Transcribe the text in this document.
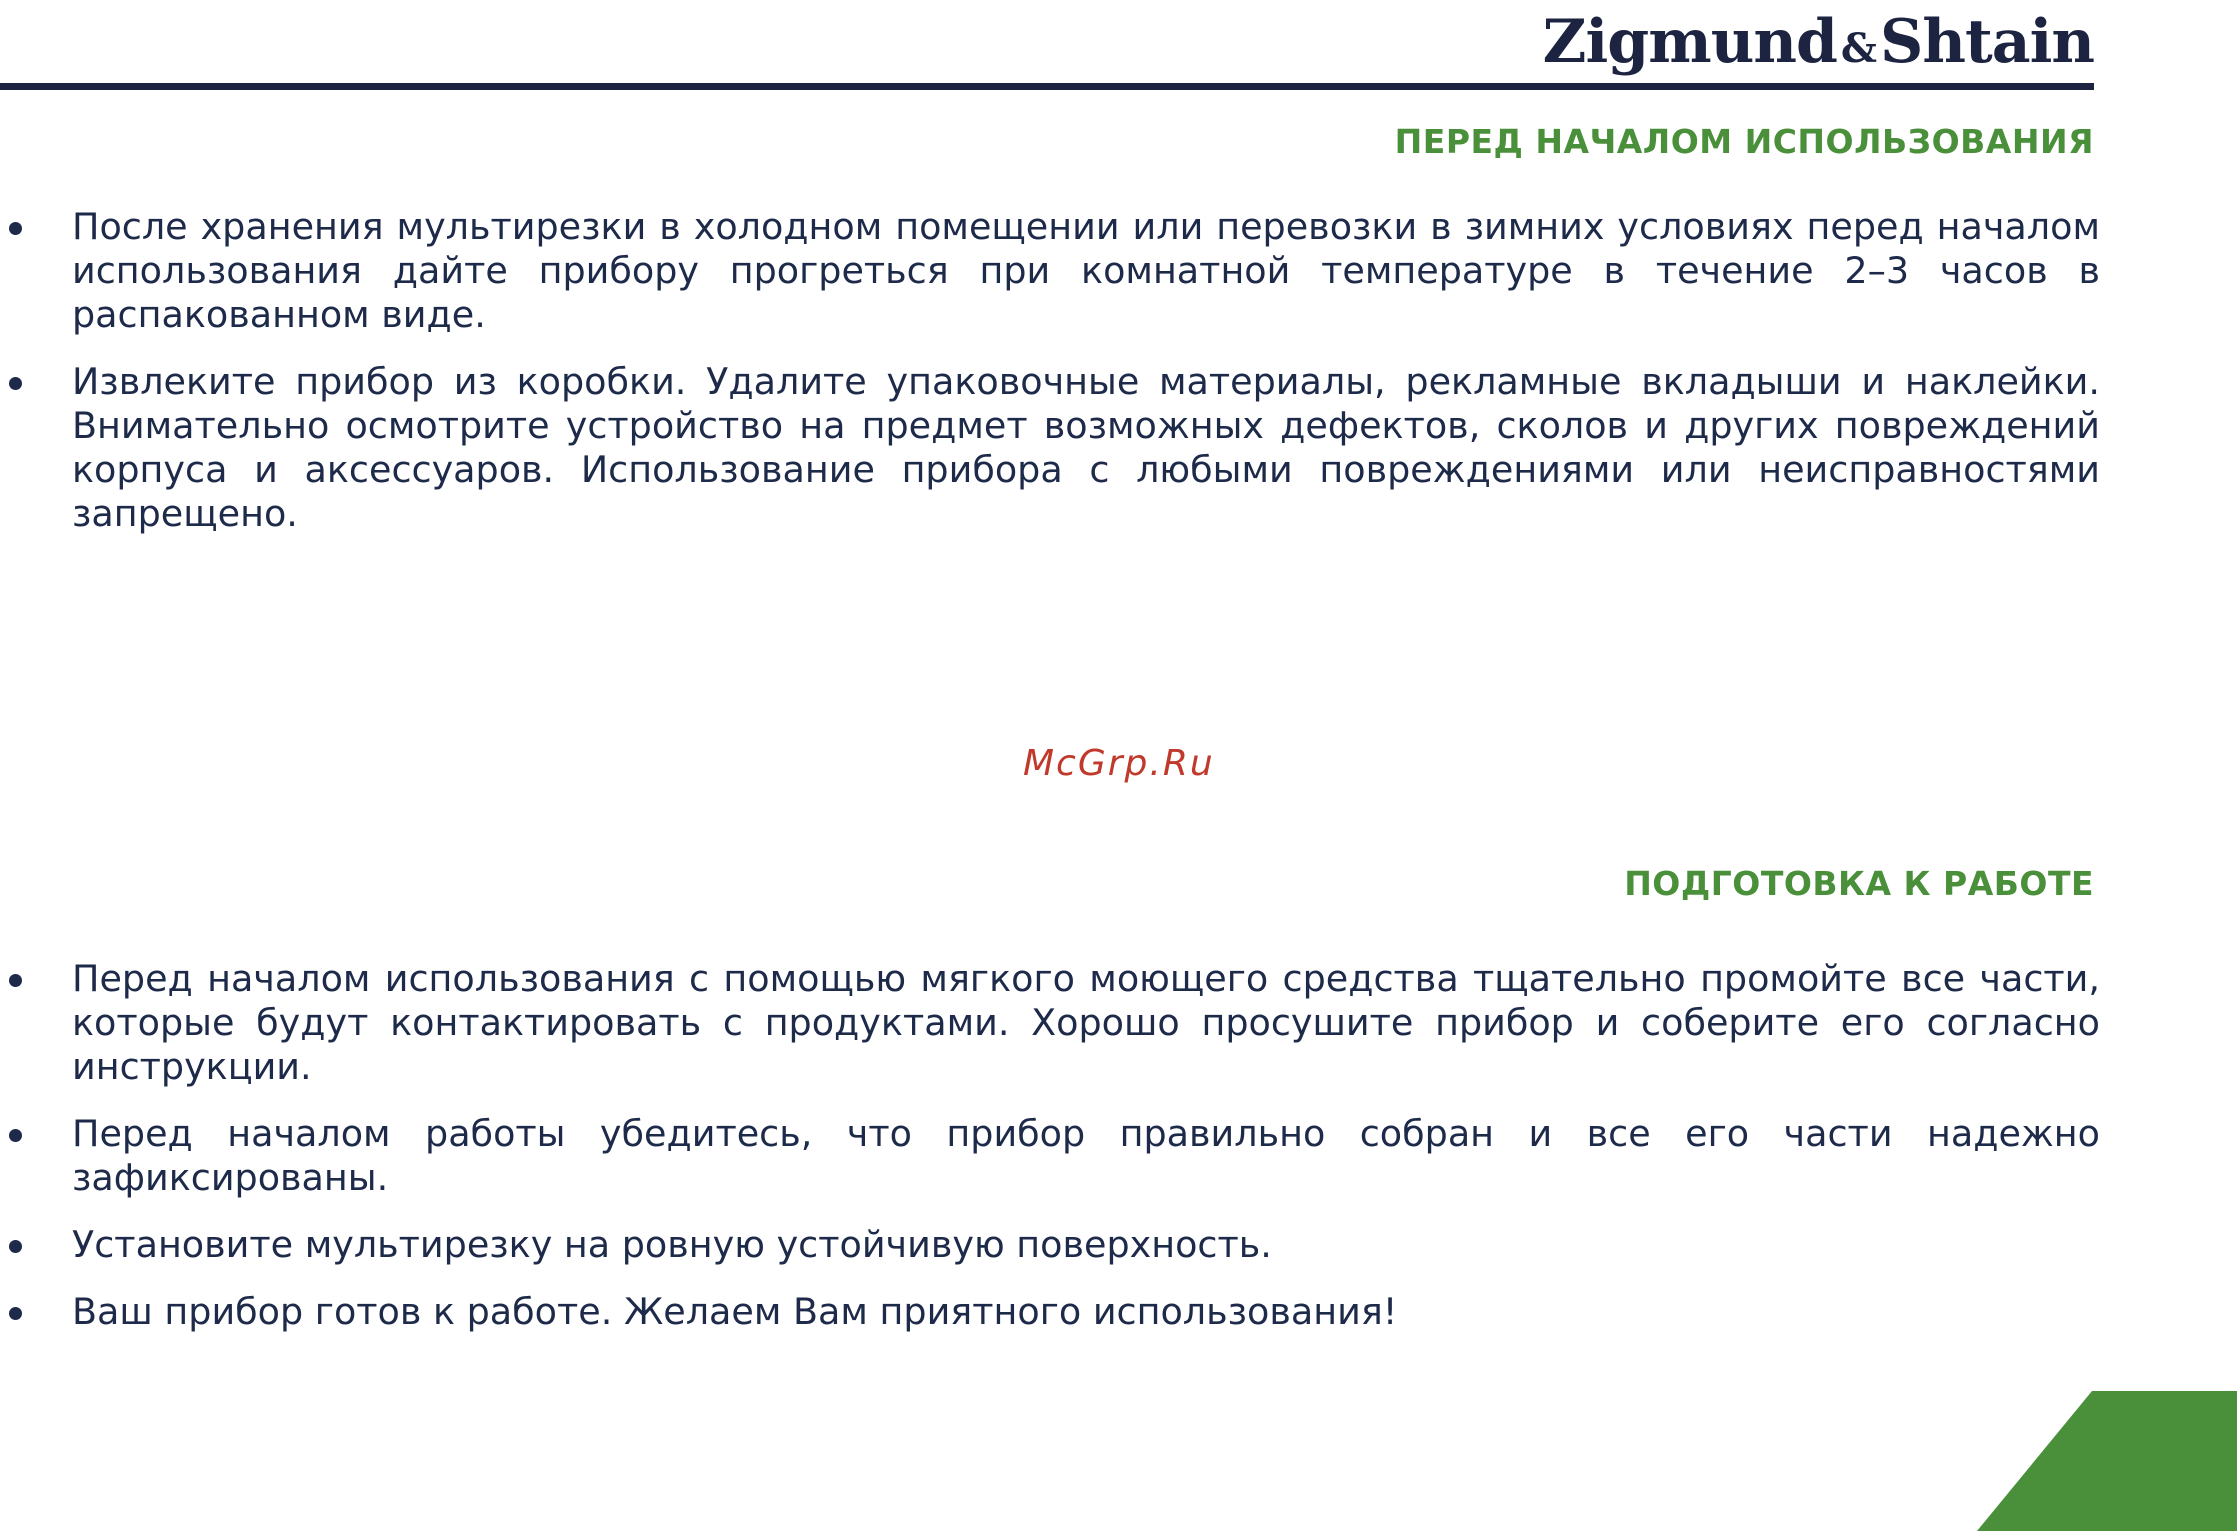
Zigmund &Shtain
ПЕРЕД НАЧАЛОМ ИСПОЛЬЗОВАНИЯ
После хранения мультирезки в холодном помещении или перевозки в зимних условиях перед началом использования дайте прибору прогреться при комнатной температуре в течение 2–3 часов в распакованном виде.
Извлеките прибор из коробки. Удалите упаковочные материалы, рекламные вкладыши и наклейки. Внимательно осмотрите устройство на предмет возможных дефектов, сколов и других повреждений корпуса и аксессуаров. Использование прибора с любыми повреждениями или неисправностями запрещено.
McGrp.Ru
ПОДГОТОВКА К РАБОТЕ
Перед началом использования с помощью мягкого моющего средства тщательно промойте все части, которые будут контактировать с продуктами. Хорошо просушите прибор и соберите его согласно инструкции.
Перед началом работы убедитесь, что прибор правильно собран и все его части надежно зафиксированы.
Установите мультирезку на ровную устойчивую поверхность.
Ваш прибор готов к работе. Желаем Вам приятного использования!
